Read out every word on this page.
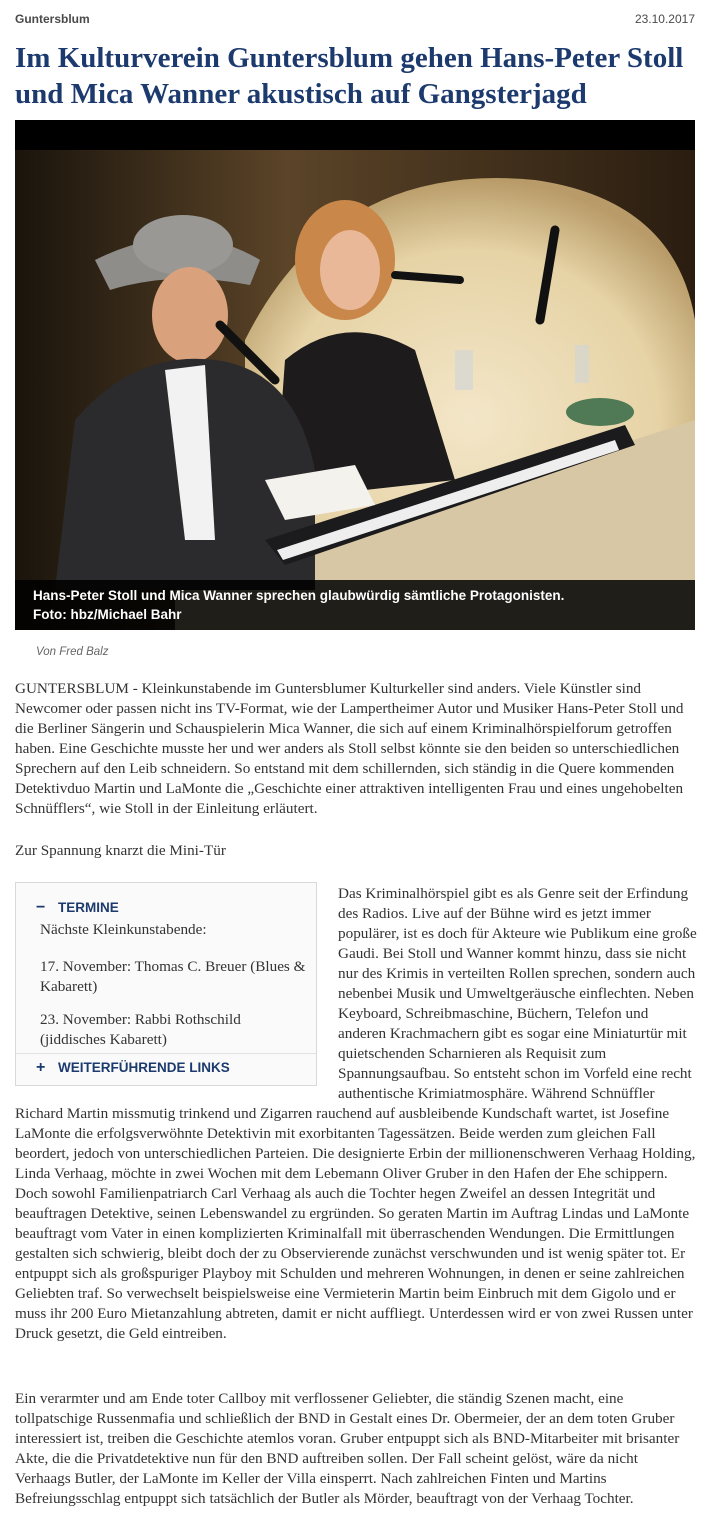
Guntersblum	23.10.2017
Im Kulturverein Guntersblum gehen Hans-Peter Stoll und Mica Wanner akustisch auf Gangsterjagd
Hans-Peter Stoll und Mica Wanner sprechen glaubwürdig sämtliche Protagonisten.
Foto: hbz/Michael Bahr
Von Fred Balz

GUNTERSBLUM - Kleinkunstabende im Guntersblumer Kulturkeller sind anders. Viele Künstler sind Newcomer oder passen nicht ins TV-Format, wie der Lampertheimer Autor und Musiker Hans-Peter Stoll und die Berliner Sängerin und Schauspielerin Mica Wanner, die sich auf einem Kriminalhörspielforum getroffen haben. Eine Geschichte musste her und wer anders als Stoll selbst könnte sie den beiden so unterschiedlichen Sprechern auf den Leib schneidern. So entstand mit dem schillernden, sich ständig in die Quere kommenden Detektivduo Martin und LaMonte die „Geschichte einer attraktiven intelligenten Frau und eines ungehobelten Schnüfflers“, wie Stoll in der Einleitung erläutert.

Zur Spannung knarzt die Mini-Tür

Das Kriminalhörspiel gibt es als Genre seit der Erfindung des Radios. Live auf der Bühne wird es jetzt immer populärer, ist es doch für Akteure wie Publikum eine große Gaudi. Bei Stoll und Wanner kommt hinzu, dass sie nicht nur des Krimis in verteilten Rollen sprechen, sondern auch nebenbei Musik und Umweltgeräusche einflechten. Neben Keyboard, Schreibmaschine, Büchern, Telefon und anderen Krachmachern gibt es sogar eine Miniaturtür mit quietschenden Scharnieren als Requisit zum Spannungsaufbau. So entsteht schon im Vorfeld eine recht authentische Krimiatmosphäre. Während Schnüffler Richard Martin missmutig trinkend und Zigarren rauchend auf ausbleibende Kundschaft wartet, ist Josefine LaMonte die erfolgsverwöhnte Detektivin mit exorbitanten Tagessätzen. Beide werden zum gleichen Fall beordert, jedoch von unterschiedlichen Parteien. Die designierte Erbin der millionenschweren Verhaag Holding, Linda Verhaag, möchte in zwei Wochen mit dem Lebemann Oliver Gruber in den Hafen der Ehe schippern. Doch sowohl Familienpatriarch Carl Verhaag als auch die Tochter hegen Zweifel an dessen Integrität und beauftragen Detektive, seinen Lebenswandel zu ergründen. So geraten Martin im Auftrag Lindas und LaMonte beauftragt vom Vater in einen komplizierten Kriminalfall mit überraschenden Wendungen. Die Ermittlungen gestalten sich schwierig, bleibt doch der zu Observierende zunächst verschwunden und ist wenig später tot. Er entpuppt sich als großspuriger Playboy mit Schulden und mehreren Wohnungen, in denen er seine zahlreichen Geliebten traf. So verwechselt beispielsweise eine Vermieterin Martin beim Einbruch mit dem Gigolo und er muss ihr 200 Euro Mietanzahlung abtreten, damit er nicht auffliegt. Unterdessen wird er von zwei Russen unter Druck gesetzt, die Geld eintreiben.
− TERMINE
Nächste Kleinkunstabende:
17. November: Thomas C. Breuer (Blues & Kabarett)
23. November: Rabbi Rothschild (jiddisches Kabarett)
+ WEITERFÜHRENDE LINKS

Ein verarmter und am Ende toter Callboy mit verflossener Geliebter, die ständig Szenen macht, eine tollpatschige Russenmafia und schließlich der BND in Gestalt eines Dr. Obermeier, der an dem toten Gruber interessiert ist, treiben die Geschichte atemlos voran. Gruber entpuppt sich als BND-Mitarbeiter mit brisanter Akte, die die Privatdetektive nun für den BND auftreiben sollen. Der Fall scheint gelöst, wäre da nicht Verhaags Butler, der LaMonte im Keller der Villa einsperrt. Nach zahlreichen Finten und Martins Befreiungsschlag entpuppt sich tatsächlich der Butler als Mörder, beauftragt von der Verhaag Tochter.
